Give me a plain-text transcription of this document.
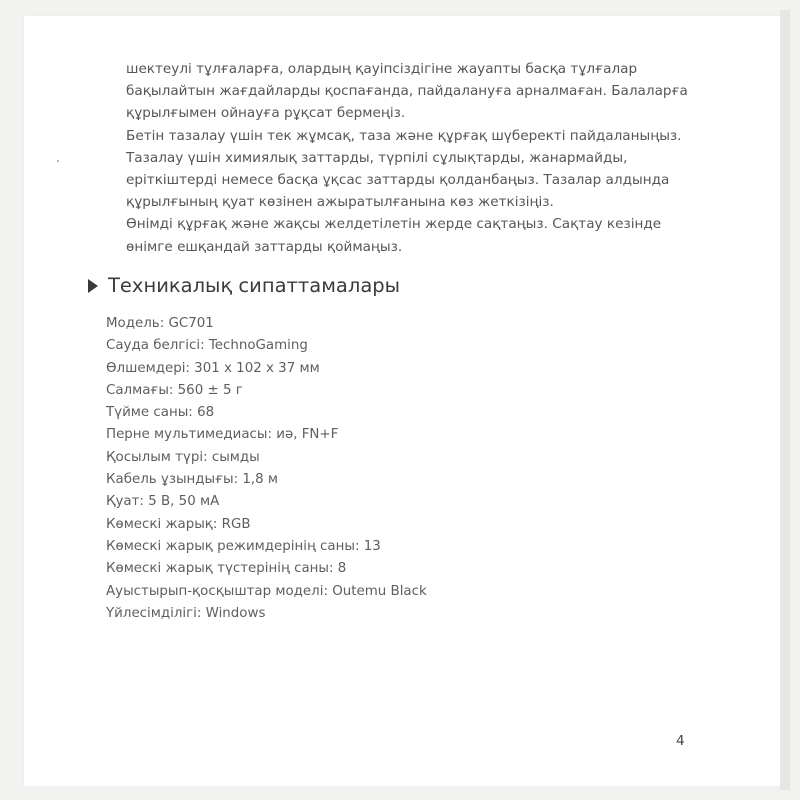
шектеулі тұлғаларға, олардың қауіпсіздігіне жауапты басқа тұлғалар
бақылайтын жағдайларды қоспағанда, пайдалануға арналмаған. Балаларға
құрылғымен ойнауға рұқсат бермеңіз.
Бетін тазалау үшін тек жұмсақ, таза және құрғақ шүберекті пайдаланыңыз.
Тазалау үшін химиялық заттарды, түрпілі сұлықтарды, жанармайды,
еріткіштерді немесе басқа ұқсас заттарды қолданбаңыз. Тазалар алдында
құрылғының қуат көзінен ажыратылғанына көз жеткізіңіз.
Өнімді құрғақ және жақсы желдетілетін жерде сақтаңыз. Сақтау кезінде
өнімге ешқандай заттарды қоймаңыз.
Техникалық сипаттамалары
Модель: GC701
Сауда белгісі: TechnoGaming
Өлшемдері: 301 х 102 х 37 мм
Салмағы: 560 ± 5 г
Түйме саны: 68
Перне мультимедиасы: иә, FN+F
Қосылым түрі: сымды
Кабель ұзындығы: 1,8 м
Қуат: 5 В, 50 мА
Көмескі жарық: RGB
Көмескі жарық режимдерінің саны: 13
Көмескі жарық түстерінің саны: 8
Ауыстырып-қосқыштар моделі: Outemu Black
Үйлесімділігі: Windows
4
